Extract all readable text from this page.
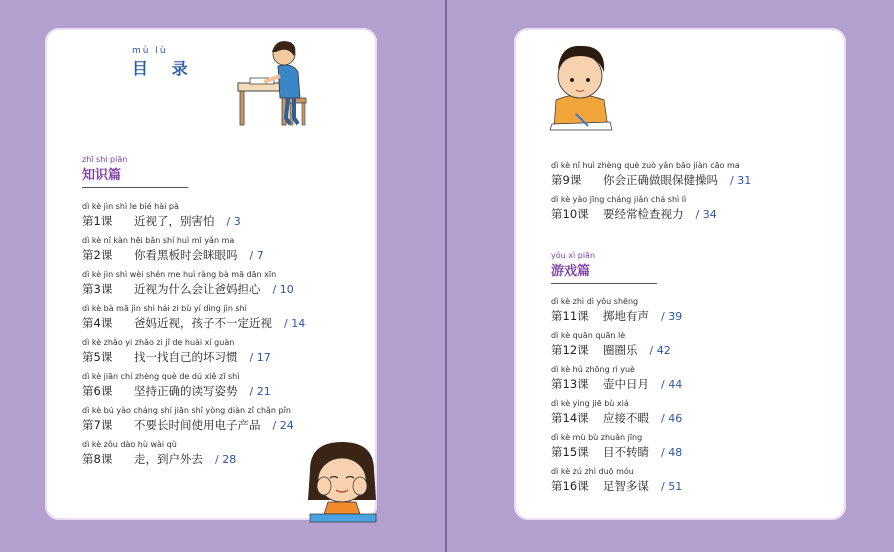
mù lù
目 录
zhī shi piān
知识篇
dì kè jìn shì le bié hài pà
第1课	近视了，别害怕 / 3
dì kè nǐ kàn hēi bǎn shí huì mī yǎn ma
第2课	你看黑板时会眯眼吗 / 7
dì kè jìn shì wèi shén me huì ràng bà mā dān xīn
第3课	近视为什么会让爸妈担心 / 10
dì kè bà mā jìn shì hái zi bù yí dìng jìn shì
第4课	爸妈近视，孩子不一定近视 / 14
dì kè zhǎo yi zhǎo zì jǐ de huài xí guàn
第5课	找一找自己的坏习惯 / 17
dì kè jiān chí zhèng què de dú xiě zī shì
第6课	坚持正确的读写姿势 / 21
dì kè bú yào cháng shí jiān shǐ yòng diàn zǐ chǎn pǐn
第7课	不要长时间使用电子产品 / 24
dì kè zǒu dào hù wài qù
第8课	走，到户外去 / 28
dì kè nǐ huì zhèng què zuò yǎn bǎo jiàn cāo ma
第9课	你会正确做眼保健操吗 / 31
dì kè yào jīng cháng jiǎn chá shì lì
第10课	要经常检查视力 / 34
yóu xì piān
游戏篇
dì kè zhì dì yǒu shēng
第11课	掷地有声 / 39
dì kè quān quān lè
第12课	圈圈乐 / 42
dì kè hú zhōng rì yuè
第13课	壶中日月 / 44
dì kè yìng jiē bù xiá
第14课	应接不暇 / 46
dì kè mù bù zhuǎn jīng
第15课	目不转睛 / 48
dì kè zú zhì duō móu
第16课	足智多谋 / 51
